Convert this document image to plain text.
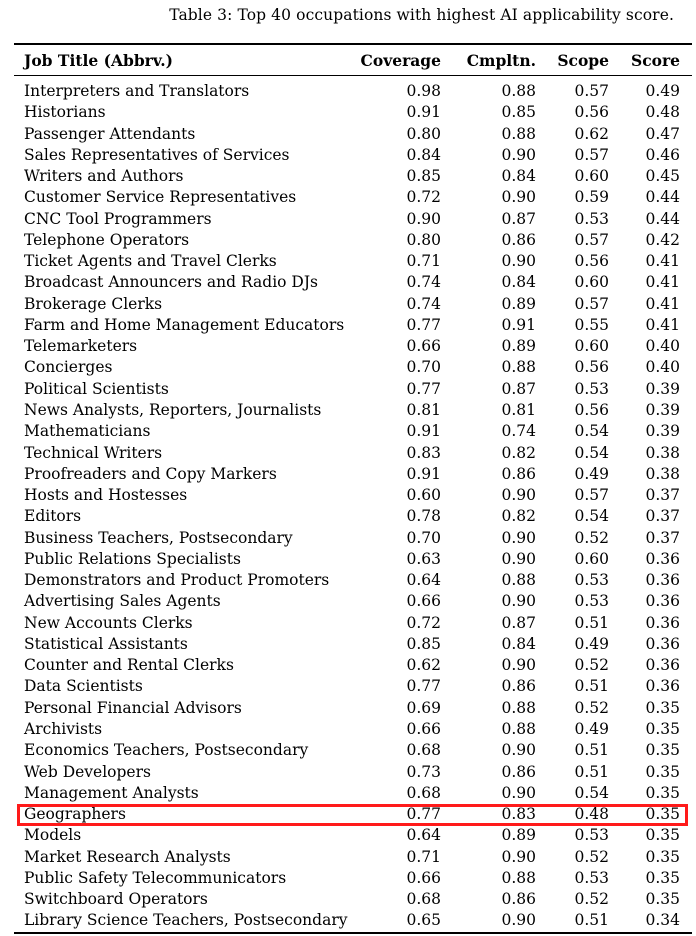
Table 3: Top 40 occupations with highest AI applicability score.
Job Title (Abbrv.)	Coverage Cmpltn. Scope Score
Interpreters and Translators	0.98	0.88 0.57 0.49
Historians	0.91	0.85 0.56 0.48
Passenger Attendants	0.80	0.88 0.62 0.47
Sales Representatives of Services	0.84	0.90 0.57 0.46
Writers and Authors	0.85	0.84 0.60 0.45
Customer Service Representatives	0.72	0.90 0.59 0.44
CNC Tool Programmers	0.90	0.87 0.53 0.44
Telephone Operators	0.80	0.86 0.57 0.42
Ticket Agents and Travel Clerks	0.71	0.90 0.56 0.41
Broadcast Announcers and Radio DJs	0.74	0.84 0.60 0.41
Brokerage Clerks	0.74	0.89 0.57 0.41
Farm and Home Management Educators	0.77	0.91 0.55 0.41
Telemarketers	0.66	0.89 0.60 0.40
Concierges	0.70	0.88 0.56 0.40
Political Scientists	0.77	0.87 0.53 0.39
News Analysts, Reporters, Journalists	0.81	0.81 0.56 0.39
Mathematicians	0.91	0.74 0.54 0.39
Technical Writers	0.83	0.82 0.54 0.38
Proofreaders and Copy Markers	0.91	0.86 0.49 0.38
Hosts and Hostesses	0.60	0.90 0.57 0.37
Editors	0.78	0.82 0.54 0.37
Business Teachers, Postsecondary	0.70	0.90 0.52 0.37
Public Relations Specialists	0.63	0.90 0.60 0.36
Demonstrators and Product Promoters	0.64	0.88 0.53 0.36
Advertising Sales Agents	0.66	0.90 0.53 0.36
New Accounts Clerks	0.72	0.87 0.51 0.36
Statistical Assistants	0.85	0.84 0.49 0.36
Counter and Rental Clerks	0.62	0.90 0.52 0.36
Data Scientists	0.77	0.86 0.51 0.36
Personal Financial Advisors	0.69	0.88 0.52 0.35
Archivists	0.66	0.88 0.49 0.35
Economics Teachers, Postsecondary	0.68	0.90 0.51 0.35
Web Developers	0.73	0.86 0.51 0.35
Management Analysts	0.68	0.90 0.54 0.35
Geographers	0.77	0.83 0.48 0.35
Models	0.64	0.89 0.53 0.35
Market Research Analysts	0.71	0.90 0.52 0.35
Public Safety Telecommunicators	0.66	0.88 0.53 0.35
Switchboard Operators	0.68	0.86 0.52 0.35
Library Science Teachers, Postsecondary	0.65	0.90 0.51 0.34
